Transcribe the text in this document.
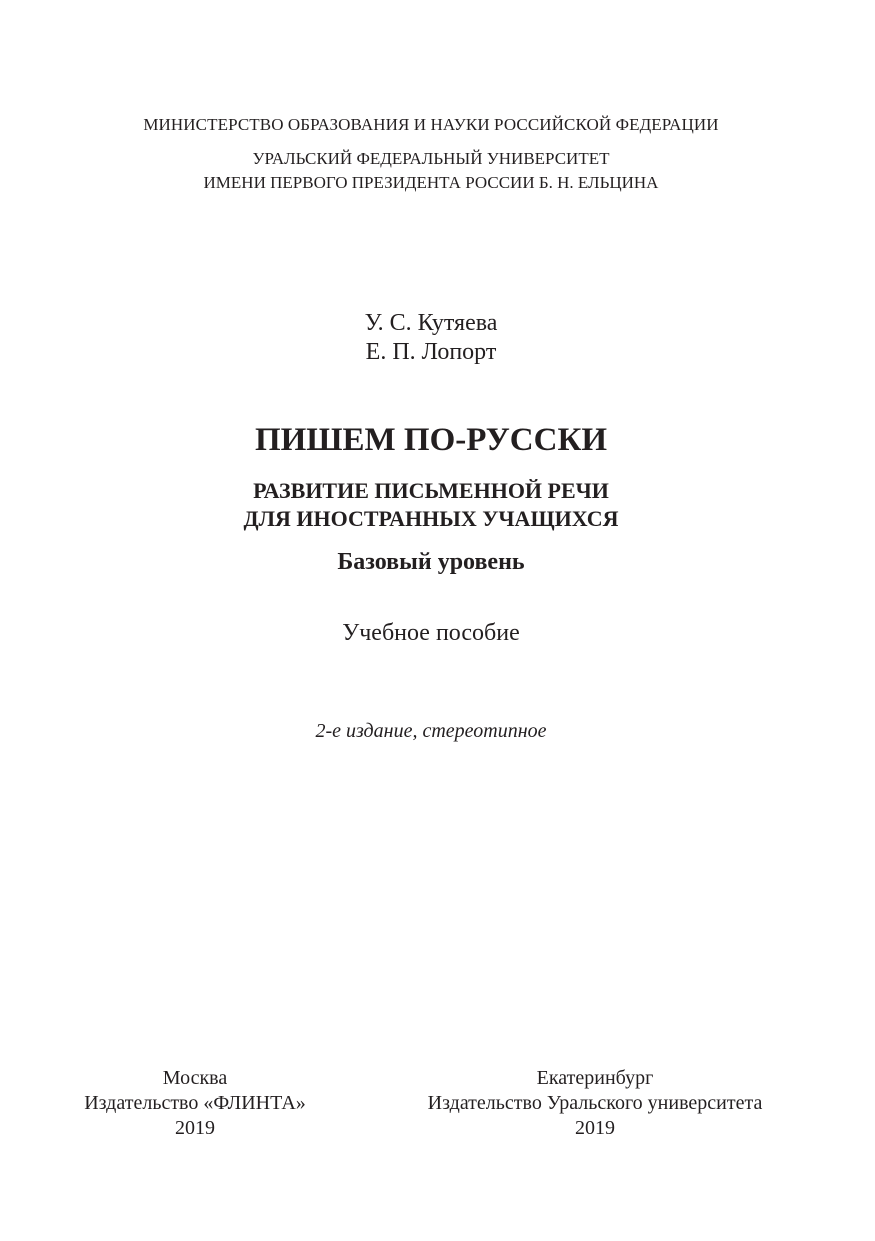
МИНИСТЕРСТВО ОБРАЗОВАНИЯ И НАУКИ РОССИЙСКОЙ ФЕДЕРАЦИИ
УРАЛЬСКИЙ ФЕДЕРАЛЬНЫЙ УНИВЕРСИТЕТ
ИМЕНИ ПЕРВОГО ПРЕЗИДЕНТА РОССИИ Б. Н. ЕЛЬЦИНА
У. С. Кутяева
Е. П. Лопорт
ПИШЕМ ПО-РУССКИ
РАЗВИТИЕ ПИСЬМЕННОЙ РЕЧИ
ДЛЯ ИНОСТРАННЫХ УЧАЩИХСЯ
Базовый уровень
Учебное пособие
2-е издание, стереотипное
Москва
Издательство «ФЛИНТА»
2019
Екатеринбург
Издательство Уральского университета
2019
